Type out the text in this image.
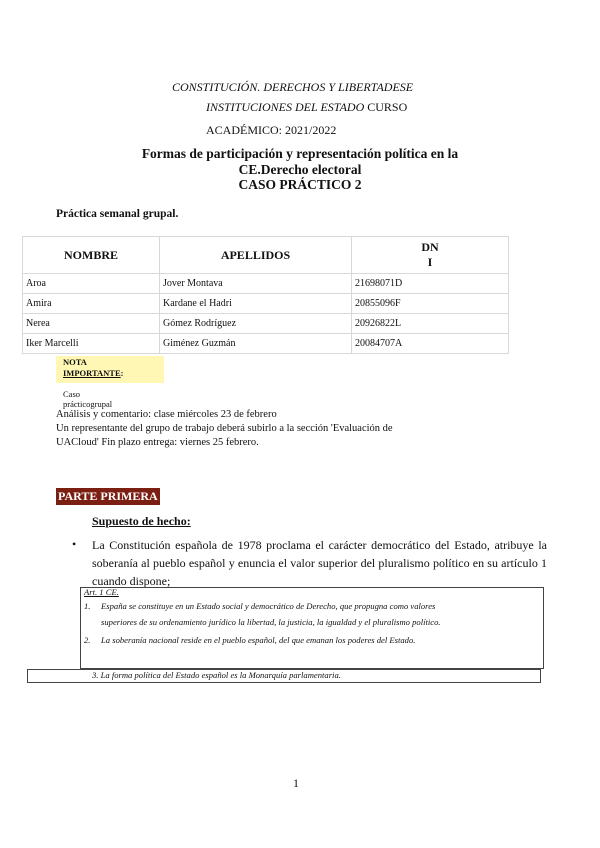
CONSTITUCIÓN. DERECHOS Y LIBERTADESE
INSTITUCIONES DEL ESTADO CURSO
ACADÉMICO: 2021/2022
Formas de participación y representación política en la
CE.Derecho electoral
CASO PRÁCTICO 2
Práctica semanal grupal.
NOMBRE	APELLIDOS	DN
I
Aroa	Jover Montava	21698071D
Amira	Kardane el Hadri	20855096F
Nerea	Gómez Rodríguez	20926822L
Iker Marcelli	Giménez Guzmán	20084707A
NOTA
IMPORTANTE:
Caso
prácticogrupal
Análisis y comentario: clase miércoles 23 de febrero
Un representante del grupo de trabajo deberá subirlo a la sección 'Evaluación de
UACloud' Fin plazo entrega: viernes 25 febrero.
PARTE PRIMERA
Supuesto de hecho:
• La Constitución española de 1978 proclama el carácter democrático del Estado, atribuye la soberanía al pueblo español y enuncia el valor superior del pluralismo político en su artículo 1 cuando dispone;
Art. 1 CE.
1. España se constituye en un Estado social y democrático de Derecho, que propugna como valores
superiores de su ordenamiento jurídico la libertad, la justicia, la igualdad y el pluralismo político.
2. La soberanía nacional reside en el pueblo español, del que emanan los poderes del Estado.
3. La forma política del Estado español es la Monarquía parlamentaria.
1
